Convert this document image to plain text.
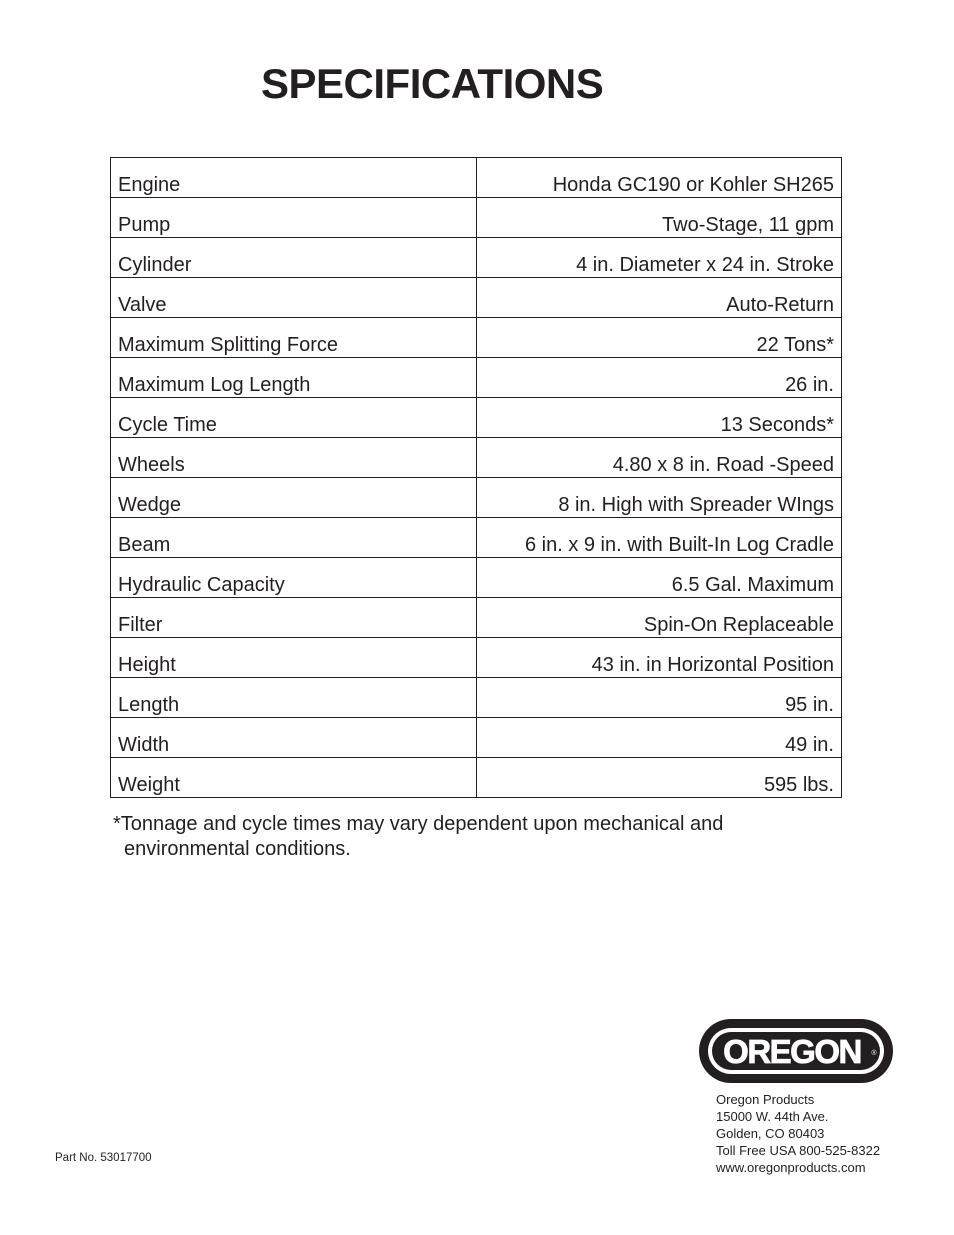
SPECIFICATIONS
Engine	Honda GC190 or Kohler SH265
Pump	Two-Stage, 11 gpm
Cylinder	4 in. Diameter x 24 in. Stroke
Valve	Auto-Return
Maximum Splitting Force	22 Tons*
Maximum Log Length	26 in.
Cycle Time	13 Seconds*
Wheels	4.80 x 8 in. Road -Speed
Wedge	8 in. High with Spreader WIngs
Beam	6 in. x 9 in. with Built-In Log Cradle
Hydraulic Capacity	6.5 Gal. Maximum
Filter	Spin-On Replaceable
Height	43 in. in Horizontal Position
Length	95 in.
Width	49 in.
Weight	595 lbs.
*Tonnage and cycle times may vary dependent upon mechanical and
environmental conditions.
OREGON ®
Oregon Products
15000 W. 44th Ave.
Golden, CO 80403
Toll Free USA 800-525-8322
www.oregonproducts.com
Part No. 53017700
